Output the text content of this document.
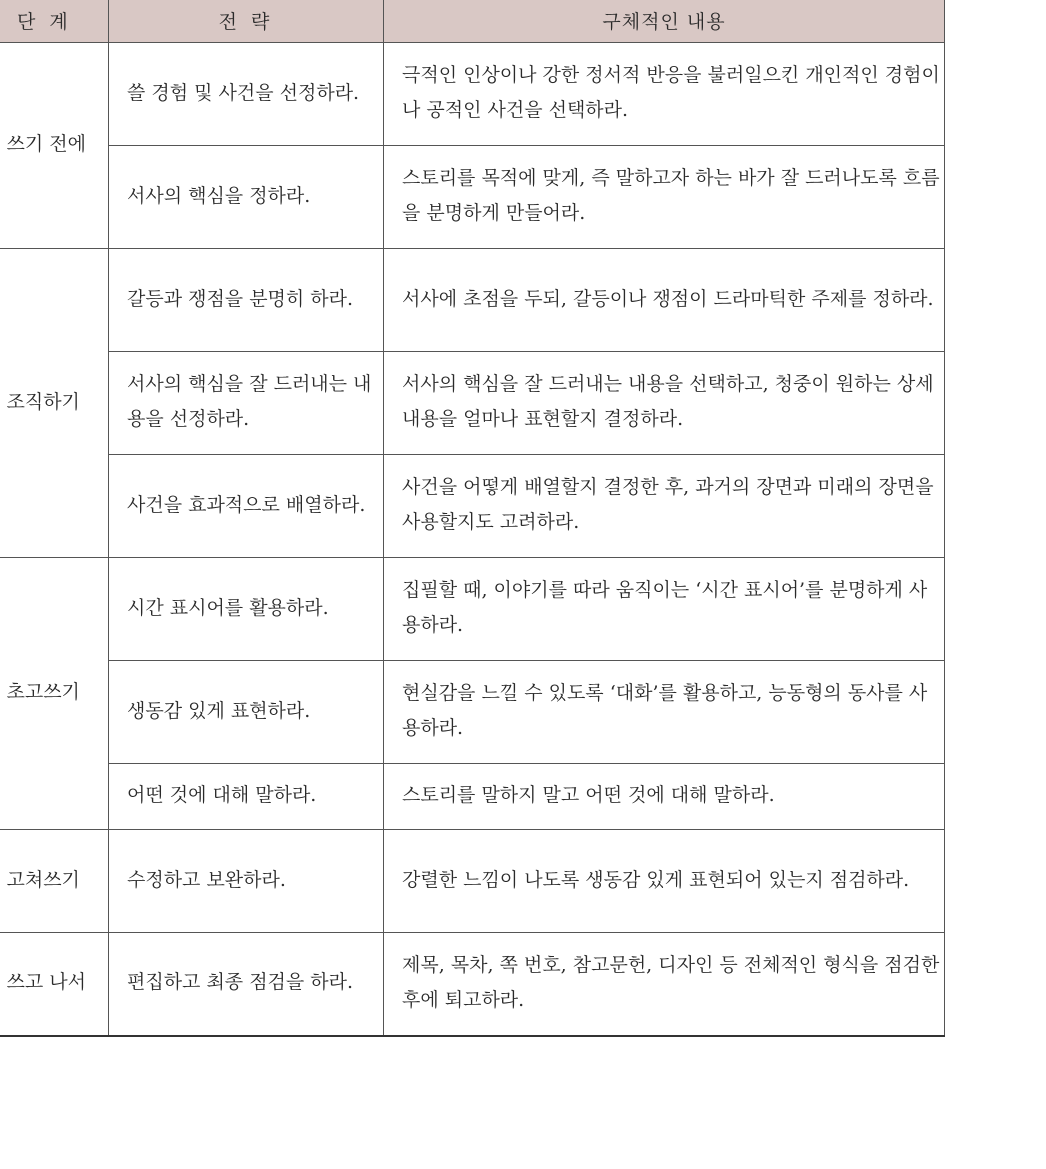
단 계	전 략	구체적인 내용
쓰기 전에	쓸 경험 및 사건을 선정하라.	극적인 인상이나 강한 정서적 반응을 불러일으킨 개인적인 경험이나 공적인 사건을 선택하라.
	서사의 핵심을 정하라.	스토리를 목적에 맞게, 즉 말하고자 하는 바가 잘 드러나도록 흐름을 분명하게 만들어라.
조직하기	갈등과 쟁점을 분명히 하라.	서사에 초점을 두되, 갈등이나 쟁점이 드라마틱한 주제를 정하라.
	서사의 핵심을 잘 드러내는 내용을 선정하라.	서사의 핵심을 잘 드러내는 내용을 선택하고, 청중이 원하는 상세 내용을 얼마나 표현할지 결정하라.
	사건을 효과적으로 배열하라.	사건을 어떻게 배열할지 결정한 후, 과거의 장면과 미래의 장면을 사용할지도 고려하라.
초고쓰기	시간 표시어를 활용하라.	집필할 때, 이야기를 따라 움직이는 ‘시간 표시어’를 분명하게 사용하라.
	생동감 있게 표현하라.	현실감을 느낄 수 있도록 ‘대화’를 활용하고, 능동형의 동사를 사용하라.
	어떤 것에 대해 말하라.	스토리를 말하지 말고 어떤 것에 대해 말하라.
고쳐쓰기	수정하고 보완하라.	강렬한 느낌이 나도록 생동감 있게 표현되어 있는지 점검하라.
쓰고 나서	편집하고 최종 점검을 하라.	제목, 목차, 쪽 번호, 참고문헌, 디자인 등 전체적인 형식을 점검한 후에 퇴고하라.
